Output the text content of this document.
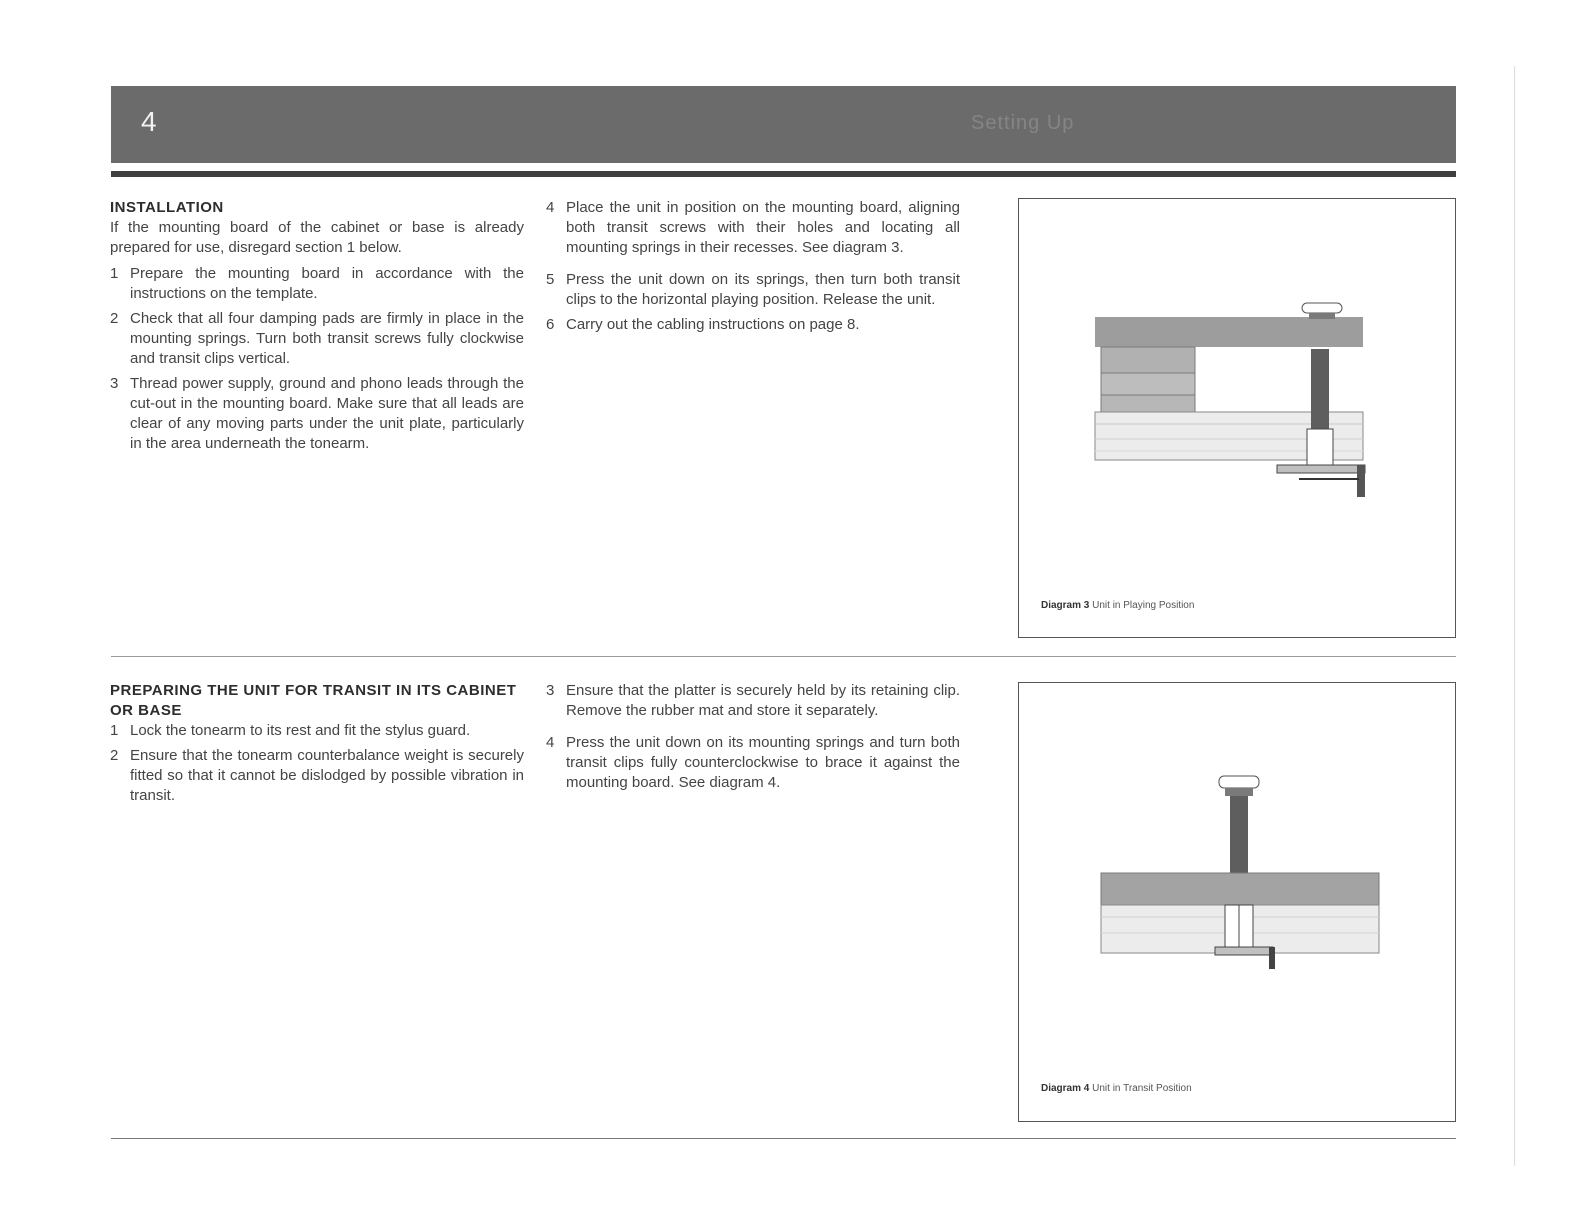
4	Setting Up

INSTALLATION

If the mounting board of the cabinet or base is already prepared for use, disregard section 1 below.

1 Prepare the mounting board in accordance with the instructions on the template.
2 Check that all four damping pads are firmly in place in the mounting springs. Turn both transit screws fully clockwise and transit clips vertical.
3 Thread power supply, ground and phono leads through the cut-out in the mounting board. Make sure that all leads are clear of any moving parts under the unit plate, particularly in the area underneath the tonearm.
4 Place the unit in position on the mounting board, aligning both transit screws with their holes and locating all mounting springs in their recesses. See diagram 3.
5 Press the unit down on its springs, then turn both transit clips to the horizontal playing position. Release the unit.
6 Carry out the cabling instructions on page 8.
Diagram 3 Unit in Playing Position

PREPARING THE UNIT FOR TRANSIT IN ITS CABINET OR BASE

1 Lock the tonearm to its rest and fit the stylus guard.
2 Ensure that the tonearm counterbalance weight is securely fitted so that it cannot be dislodged by possible vibration in transit.
3 Ensure that the platter is securely held by its retaining clip. Remove the rubber mat and store it separately.
4 Press the unit down on its mounting springs and turn both transit clips fully counterclockwise to brace it against the mounting board. See diagram 4.
Diagram 4 Unit in Transit Position
